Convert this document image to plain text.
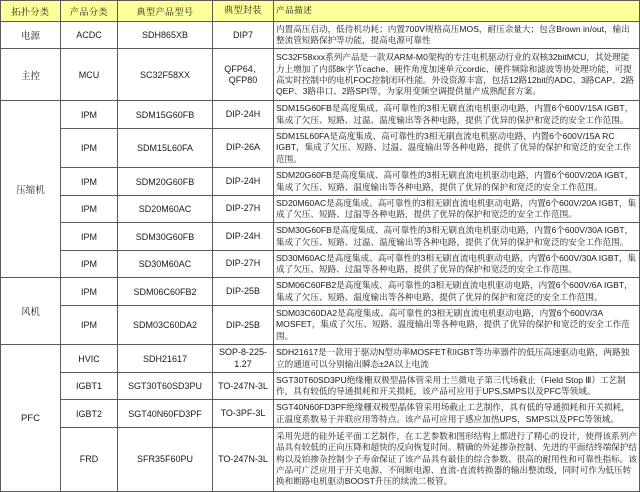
拓扑分类	产品分类	典型产品型号	典型封装	产品描述
电源	ACDC	SDH865XB	DIP7	内置高压启动，低待机功耗；内置700V规格高压MOS，耐压余量大；包含Brown in/out，输出整流管短路保护等功能，提高电源可靠性
主控	MCU	SC32F58XX	QFP64、QFP80	SC32F58xxx系列产品是一款双ARM-M0架构的专注电机驱动行业的双核32bitMCU，其处理能力上增加了内部8k字节cache、硬件角度加速单元cordic、硬件频除和滤波等协处理功能，可提高实时控制中的电机FOC控制闭环性能。外设资源丰富，包括12路12bit的ADC、3路CAP、2路QEP、3路串口、2路SPI等，为家用变频空调提供量产成熟配套方案。
压缩机	IPM	SDM15G60FB	DIP-24H	SDM15G60FB是高度集成、高可靠性的3相无刷直流电机驱动电路，内置6个600V/15A IGBT，集成了欠压、短路、过温、温度输出等各种电路，提供了优异的保护和宽泛的安全工作范围。
	IPM	SDM15L60FA	DIP-26A	SDM15L60FA是高度集成、高可靠性的3相无刷直流电机驱动电路，内置6个600V/15A RC IGBT，集成了欠压、短路、过温、温度输出等各种电路，提供了优异的保护和宽泛的安全工作范围。
	IPM	SDM20G60FB	DIP-24H	SDM20G60FB是高度集成、高可靠性的3相无刷直流电机驱动电路，内置6个600V/20A IGBT，集成了欠压、短路、温度输出等各种电路，提供了优异的保护和宽泛的安全工作范围。
	IPM	SD20M60AC	DIP-27H	SD20M60AC是高度集成、高可靠性的3相无刷直流电机驱动电路，内置6个600V/20A IGBT，集成了欠压、短路、过温等各种电路，提供了优异的保护和宽泛的安全工作范围。
	IPM	SDM30G60FB	DIP-24H	SDM30G60FB是高度集成、高可靠性的3相无刷直流电机驱动电路，内置6个600V/30A IGBT，集成了欠压、短路、过温、温度输出等各种电路，提供了优异的保护和宽泛的安全工作范围。
	IPM	SD30M60AC	DIP-27H	SD30M60AC是高度集成、高可靠性的3相无刷直流电机驱动电路，内置6个600V/30A IGBT，集成了欠压、短路、过温等各种电路，提供了优异的保护和宽泛的安全工作范围。
风机	IPM	SDM06C60FB2	DIP-25B	SDM06C60FB2是高度集成、高可靠性的3相无刷直流电机驱动电路，内置6个600V/6A IGBT，集成了欠压、短路、温度输出等各种电路，提供了优异的保护和宽泛的安全工作范围。
	IPM	SDM03C60DA2	DIP-25B	SDM03C60DA2是高度集成、高可靠性的3相无刷直流电机驱动电路，内置6个600V/3A MOSFET，集成了欠压、短路、温度输出等各种电路，提供了优异的保护和宽泛的安全工作范围。
PFC	HVIC	SDH21617	SOP-8-225-1.27	SDH21617是一款用于驱动N型功率MOSFET和IGBT等功率器件的低压高速驱动电路，两路独立的通道可以分别输出瞬态±2A以上电流
	IGBT1	SGT30T60SD3PU	TO-247N-3L	SGT30T60SD3PU绝缘栅双极型晶体管采用士兰微电子第三代场截止（Field Stop Ⅲ）工艺制作，具有较低的导通损耗和开关损耗，该产品可应用于UPS,SMPS以及PFC等领域。
	IGBT2	SGT40N60FD3PF	TO-3PF-3L	SGT40N60FD3PF绝缘栅双极型晶体管采用场截止工艺制作，具有低的导通损耗和开关损耗，正温度系数易于并联应用等特点。该产品可应用于感应加热UPS，SMPS以及PFC等领域。
	FRD	SFR35F60PU	TO-247N-3L	采用先进的硅外延平面工艺制作，在工艺参数和图形结构上都进行了精心的设计，使得该系列产品具有较低的正向压降和超快的反向恢复时间。精确的外延掺杂控制、先进的平面结终端保护结构以及铂掺杂控制少子寿命保证了该产品具有最佳的综合参数、很高的耐用性和可靠性指标。该产品可广泛应用于开关电源、不间断电源、直流-直流转换器的输出整流级，同时可作为低压转换和断路电机驱动BOOST升压的续流二极管。
